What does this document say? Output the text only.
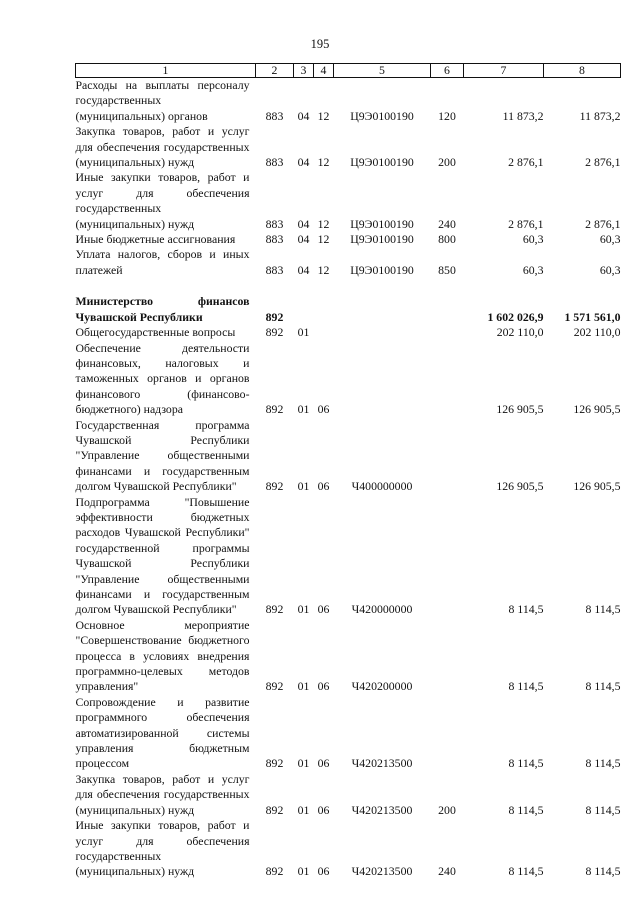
195
1	2	3	4	5	6	7	8
Расходы на выплаты персоналу государственных (муниципальных) органов	883	04	12	Ц9Э0100190	120	11 873,2	11 873,2
Закупка товаров, работ и услуг для обеспечения государственных (муниципальных) нужд	883	04	12	Ц9Э0100190	200	2 876,1	2 876,1
Иные закупки товаров, работ и услуг для обеспечения государственных (муниципальных) нужд	883	04	12	Ц9Э0100190	240	2 876,1	2 876,1
Иные бюджетные ассигнования	883	04	12	Ц9Э0100190	800	60,3	60,3
Уплата налогов, сборов и иных платежей	883	04	12	Ц9Э0100190	850	60,3	60,3

Министерство финансов Чувашской Республики	892					1 602 026,9	1 571 561,0
Общегосударственные вопросы	892	01				202 110,0	202 110,0
Обеспечение деятельности финансовых, налоговых и таможенных органов и органов финансового (финансово-бюджетного) надзора	892	01	06			126 905,5	126 905,5
Государственная программа Чувашской Республики "Управление общественными финансами и государственным долгом Чувашской Республики"	892	01	06	Ч400000000		126 905,5	126 905,5
Подпрограмма "Повышение эффективности бюджетных расходов Чувашской Республики" государственной программы Чувашской Республики "Управление общественными финансами и государственным долгом Чувашской Республики"	892	01	06	Ч420000000		8 114,5	8 114,5
Основное мероприятие "Совершенствование бюджетного процесса в условиях внедрения программно-целевых методов управления"	892	01	06	Ч420200000		8 114,5	8 114,5
Сопровождение и развитие программного обеспечения автоматизированной системы управления бюджетным процессом	892	01	06	Ч420213500		8 114,5	8 114,5
Закупка товаров, работ и услуг для обеспечения государственных (муниципальных) нужд	892	01	06	Ч420213500	200	8 114,5	8 114,5
Иные закупки товаров, работ и услуг для обеспечения государственных (муниципальных) нужд	892	01	06	Ч420213500	240	8 114,5	8 114,5
